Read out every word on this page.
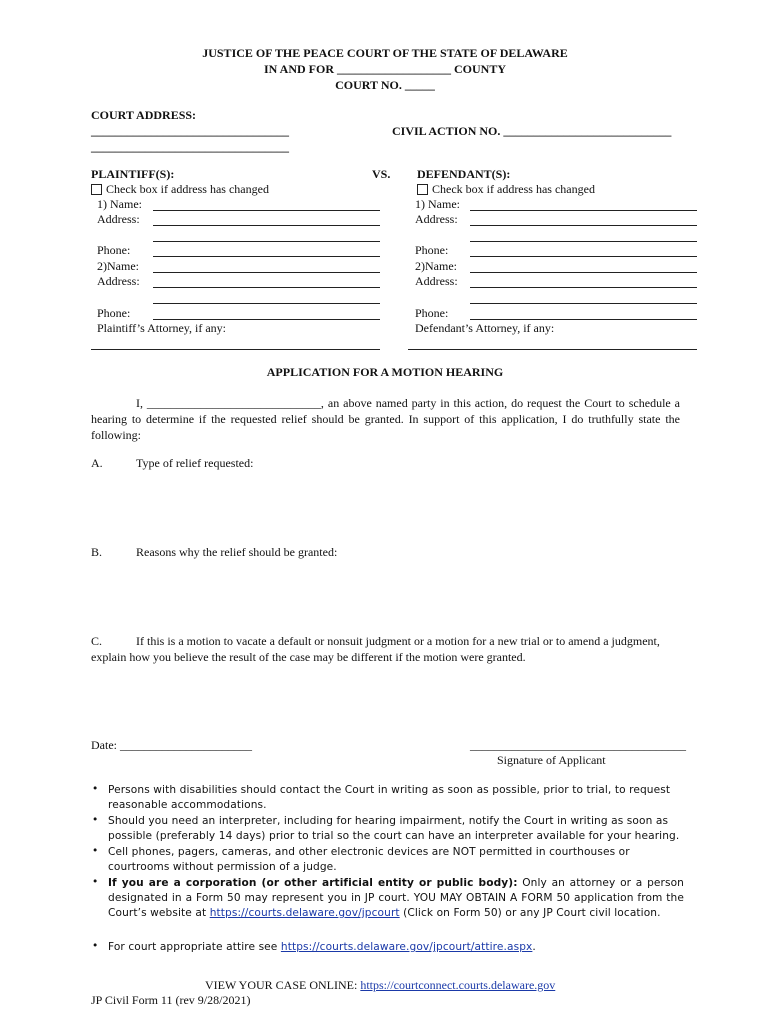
JUSTICE OF THE PEACE COURT OF THE STATE OF DELAWARE
IN AND FOR ___________________ COUNTY
COURT NO. _____
COURT ADDRESS:
_________________________________
_________________________________
CIVIL ACTION NO. ____________________________
PLAINTIFF(S):
Check box if address has changed
1) Name:
Address:
Phone:
2)Name:
Address:
Phone:
Plaintiff’s Attorney, if any:
VS. DEFENDANT(S):
Check box if address has changed
1) Name:
Address:
Phone:
2)Name:
Address:
Phone:
Defendant’s Attorney, if any:
APPLICATION FOR A MOTION HEARING
I, _____________________________, an above named party in this action, do request the Court to schedule a hearing to determine if the requested relief should be granted. In support of this application, I do truthfully state the following:
A.	Type of relief requested:
B.	Reasons why the relief should be granted:
C.	If this is a motion to vacate a default or nonsuit judgment or a motion for a new trial or to amend a judgment,
explain how you believe the result of the case may be different if the motion were granted.
Date: ______________________	____________________________________
Signature of Applicant
• Persons with disabilities should contact the Court in writing as soon as possible, prior to trial, to request reasonable accommodations.
• Should you need an interpreter, including for hearing impairment, notify the Court in writing as soon as possible (preferably 14 days) prior to trial so the court can have an interpreter available for your hearing.
• Cell phones, pagers, cameras, and other electronic devices are NOT permitted in courthouses or courtrooms without permission of a judge.
• If you are a corporation (or other artificial entity or public body): Only an attorney or a person designated in a Form 50 may represent you in JP court. YOU MAY OBTAIN A FORM 50 application from the Court’s website at https://courts.delaware.gov/jpcourt (Click on Form 50) or any JP Court civil location.
• For court appropriate attire see https://courts.delaware.gov/jpcourt/attire.aspx.
VIEW YOUR CASE ONLINE: https://courtconnect.courts.delaware.gov
JP Civil Form 11 (rev 9/28/2021)
